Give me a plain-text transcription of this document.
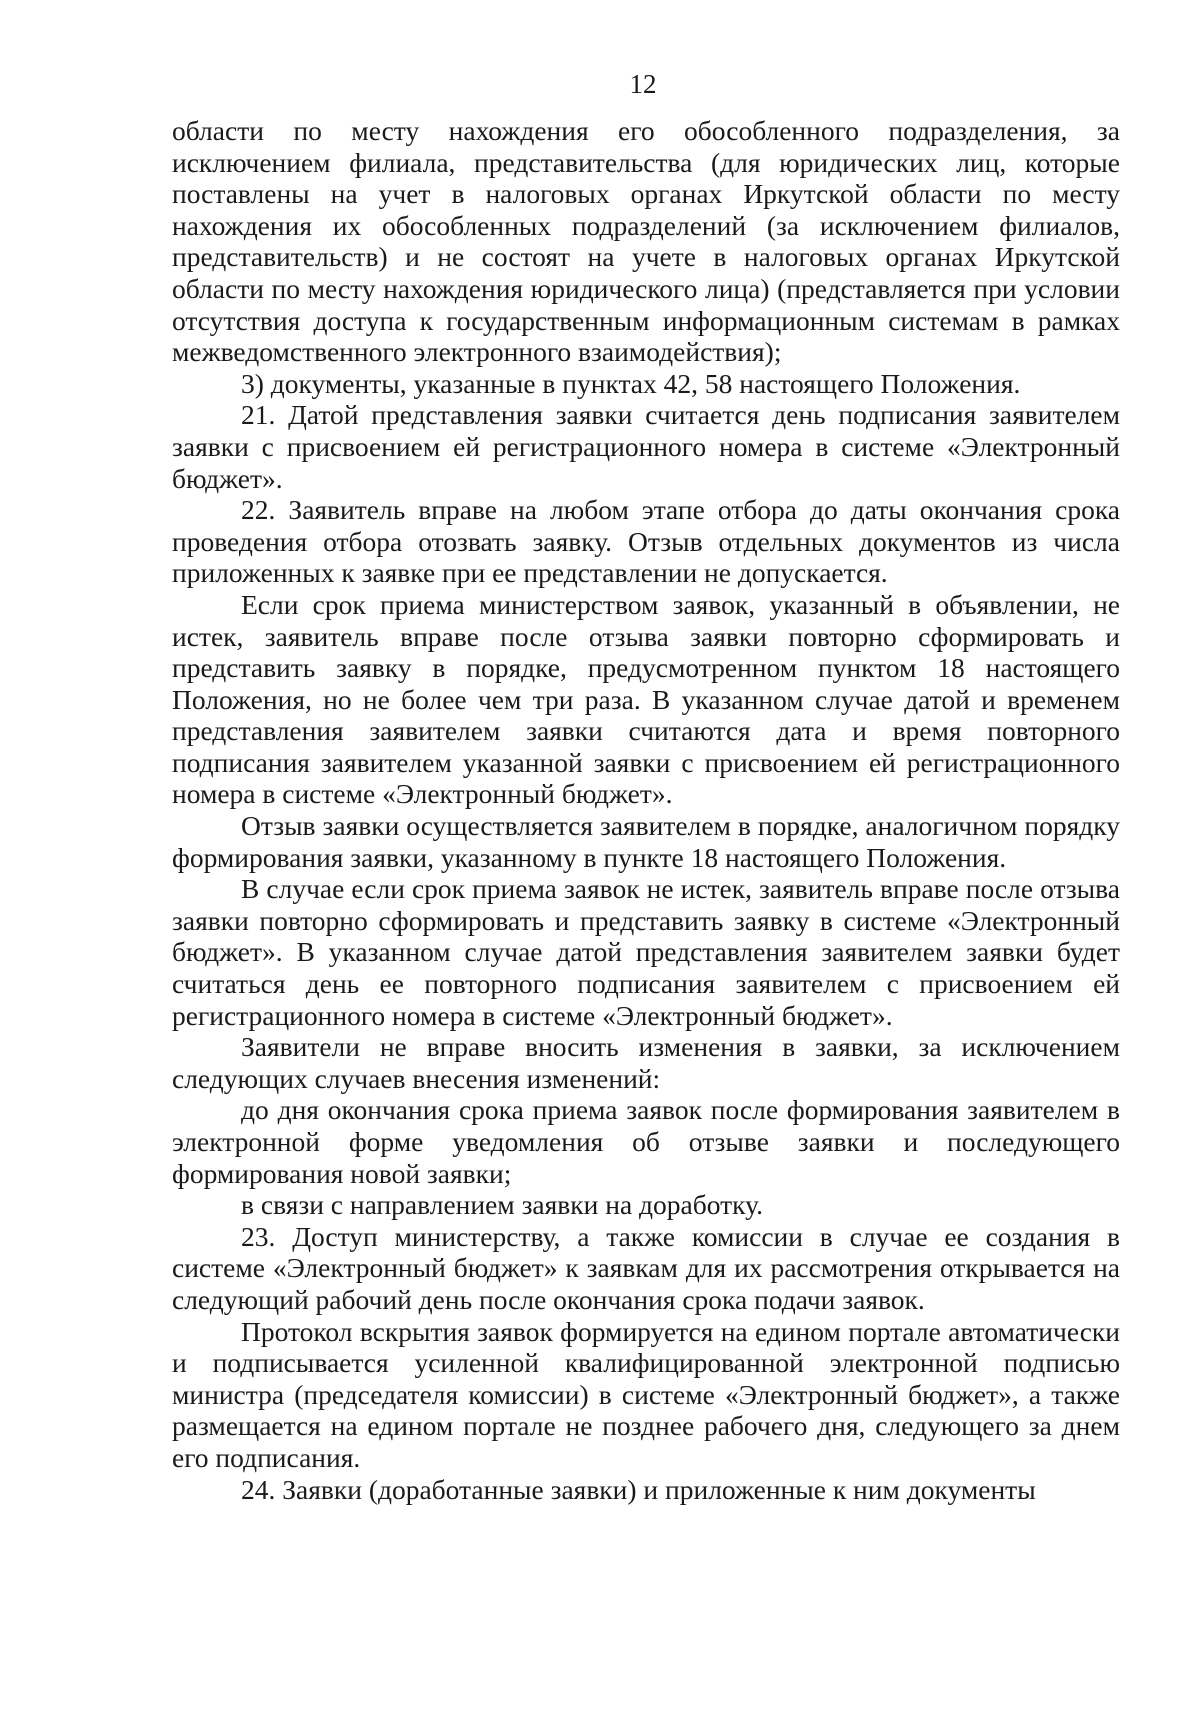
12

области по месту нахождения его обособленного подразделения, за исключением филиала, представительства (для юридических лиц, которые поставлены на учет в налоговых органах Иркутской области по месту нахождения их обособленных подразделений (за исключением филиалов, представительств) и не состоят на учете в налоговых органах Иркутской области по месту нахождения юридического лица) (представляется при условии отсутствия доступа к государственным информационным системам в рамках межведомственного электронного взаимодействия);

3) документы, указанные в пунктах 42, 58 настоящего Положения.

21. Датой представления заявки считается день подписания заявителем заявки с присвоением ей регистрационного номера в системе «Электронный бюджет».

22. Заявитель вправе на любом этапе отбора до даты окончания срока проведения отбора отозвать заявку. Отзыв отдельных документов из числа приложенных к заявке при ее представлении не допускается.

Если срок приема министерством заявок, указанный в объявлении, не истек, заявитель вправе после отзыва заявки повторно сформировать и представить заявку в порядке, предусмотренном пунктом 18 настоящего Положения, но не более чем три раза. В указанном случае датой и временем представления заявителем заявки считаются дата и время повторного подписания заявителем указанной заявки с присвоением ей регистрационного номера в системе «Электронный бюджет».

Отзыв заявки осуществляется заявителем в порядке, аналогичном порядку формирования заявки, указанному в пункте 18 настоящего Положения.

В случае если срок приема заявок не истек, заявитель вправе после отзыва заявки повторно сформировать и представить заявку в системе «Электронный бюджет». В указанном случае датой представления заявителем заявки будет считаться день ее повторного подписания заявителем с присвоением ей регистрационного номера в системе «Электронный бюджет».

Заявители не вправе вносить изменения в заявки, за исключением следующих случаев внесения изменений:

до дня окончания срока приема заявок после формирования заявителем в электронной форме уведомления об отзыве заявки и последующего формирования новой заявки;

в связи с направлением заявки на доработку.

23. Доступ министерству, а также комиссии в случае ее создания в системе «Электронный бюджет» к заявкам для их рассмотрения открывается на следующий рабочий день после окончания срока подачи заявок.

Протокол вскрытия заявок формируется на едином портале автоматически и подписывается усиленной квалифицированной электронной подписью министра (председателя комиссии) в системе «Электронный бюджет», а также размещается на едином портале не позднее рабочего дня, следующего за днем его подписания.

24. Заявки (доработанные заявки) и приложенные к ним документы
